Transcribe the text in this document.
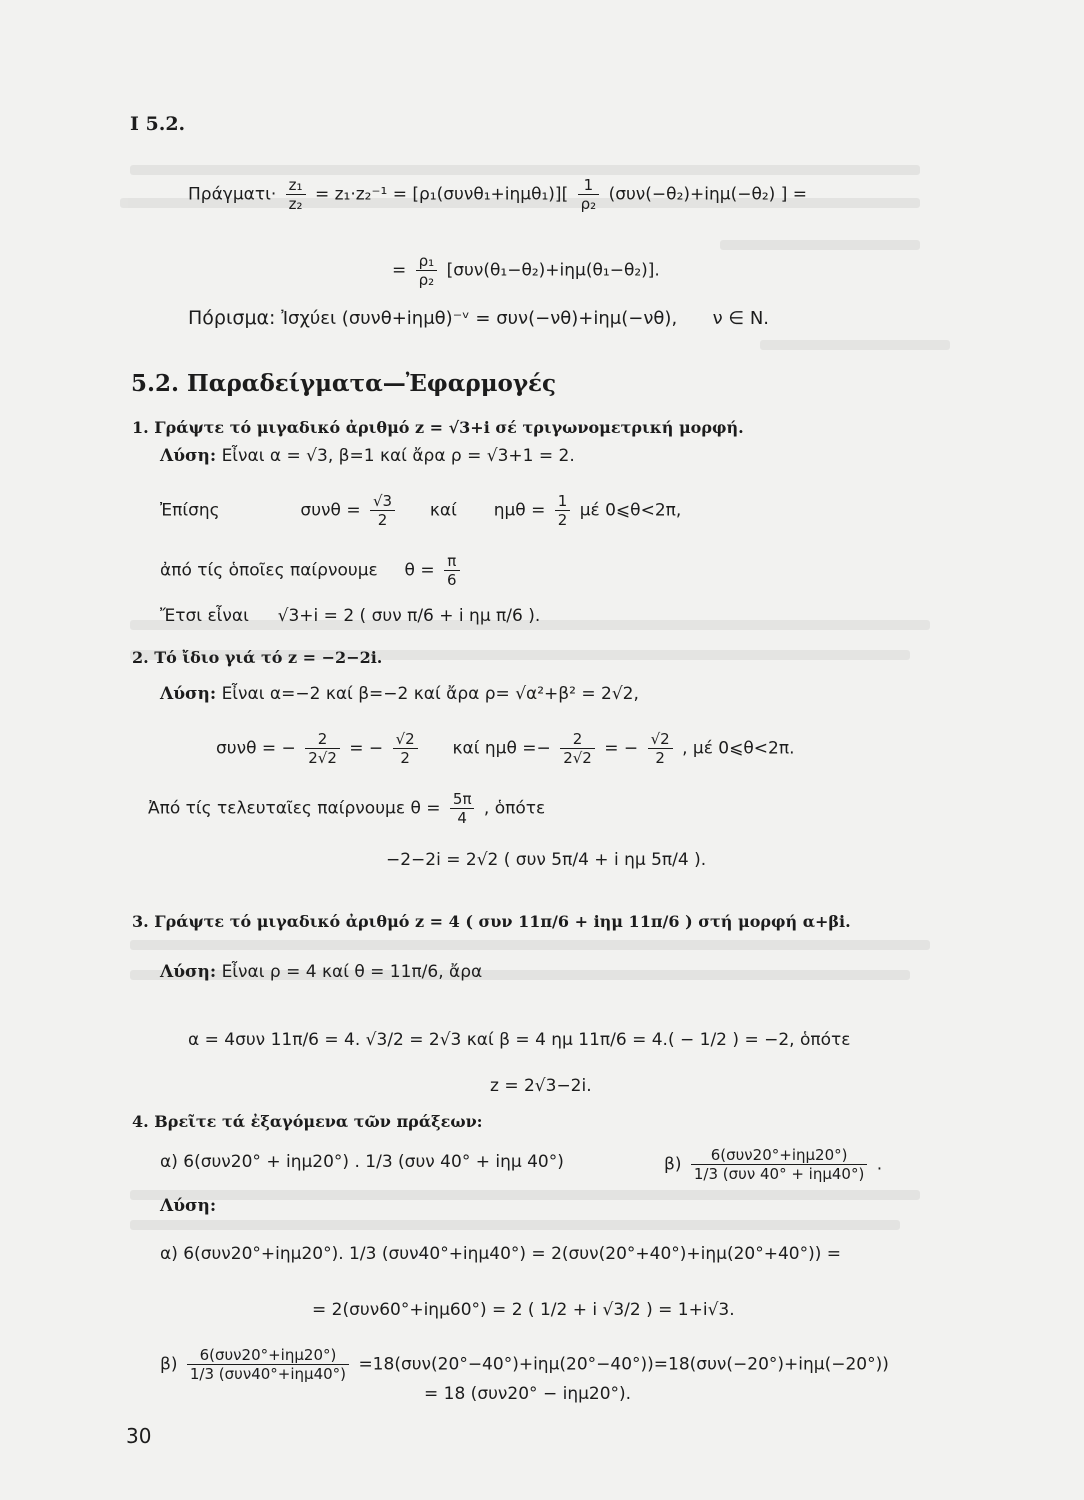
I 5.2.
$\Pi\rho ά\gamma\mu\alpha\tau\iota\cdot \frac{\text{z₁}}{\text{z₂}} = z_1\cdot z_2^{-1} = [\rho_1(\sigma\upsilon\nu\theta_1+i\eta\mu\theta_1)][ \frac{1}{\text{ρ₂}} (\sigma\upsilon\nu(-\theta_2)+i\eta\mu(-\theta_2)$ ] =
= $\frac{\text{ρ₁}}{\text{ρ₂}} [\sigma\upsilon\nu(\theta_1-\theta_2)+i\eta\mu(\theta_1-\theta_2)]$.
Πόρισμα: Ἰσχύει (συνθ+iημθ)⁻ᵛ = συν(−νθ)+iημ(−νθ), ν ∈ N.
5.2. Παραδείγματα—Ἐφαρμογές
1. Γράψτε τό μιγαδικό ἀριθμό z = √3+i σέ τριγωνομετρική μορφή.
Λύση: Εἶναι α = √3, β=1 καί ἄρα ρ = √3+1 = 2.
Ἐπίσης	$\sigma\upsilon\nu\theta = \frac{√3}{2}$ καί $\eta\mu\theta = \frac{1}{2}$ μέ 0⩽θ<2π,
ἀπό τίς ὁποῖες παίρνουμε $\theta = \frac{\pi}{6}$
Ἔτσι εἶναι √3+i = 2 ( συν π/6 + i ημ π/6 ).
2. Τό ἴδιο γιά τό z = −2−2i.
Λύση: Εἶναι α=−2 καί β=−2 καί ἄρα ρ= √α²+β² = 2√2,
συνθ = − $\frac{2}{2√2}$ = − $\frac{√2}{2}$ καί $\eta\mu\theta =- \frac{2}{2√2}$ = − $\frac{√2}{2}$ , μέ 0⩽θ<2π.
Ἀπό τίς τελευταῖες παίρνουμε $\theta = \frac{5\pi}{4}$ , ὁπότε
−2−2i = 2√2 ( συν 5π/4 + i ημ 5π/4 ).
3. Γράψτε τό μιγαδικό ἀριθμό z = 4 ( συν 11π/6 + iημ 11π/6 ) στή μορφή α+βi.
Λύση: Εἶναι ρ = 4 καί θ = 11π/6, ἄρα
α = 4συν 11π/6 = 4. √3/2 = 2√3 καί β = 4 ημ 11π/6 = 4.( − 1/2 ) = −2, ὁπότε
z = 2√3−2i.
4. Βρεῖτε τά ἐξαγόμενα τῶν πράξεων:
α) 6(συν20° + iημ20°) . 1/3 (συν 40° + iημ 40°)	$\beta) \frac{\text{6(συν20°+iημ20°)}}{\text{1/3 (συν 40° + iημ40°)}}$ .
Λύση:
α) 6(συν20°+iημ20°). 1/3 (συν40°+iημ40°) = 2(συν(20°+40°)+iημ(20°+40°)) =
= 2(συν60°+iημ60°) = 2 ( 1/2 + i √3/2 ) = 1+i√3.
$\beta) \frac{\text{6(συν20°+iημ20°)}}{\text{1/3 (συν40°+iημ40°)}} =18(\sigma\upsilon\nu(20^\circ-40^\circ)+i\eta\mu(20^\circ-40^\circ))=18(\sigma\upsilon\nu(-20^\circ)+i\eta\mu(-20^\circ))$
= 18 (συν20° − iημ20°).
30
